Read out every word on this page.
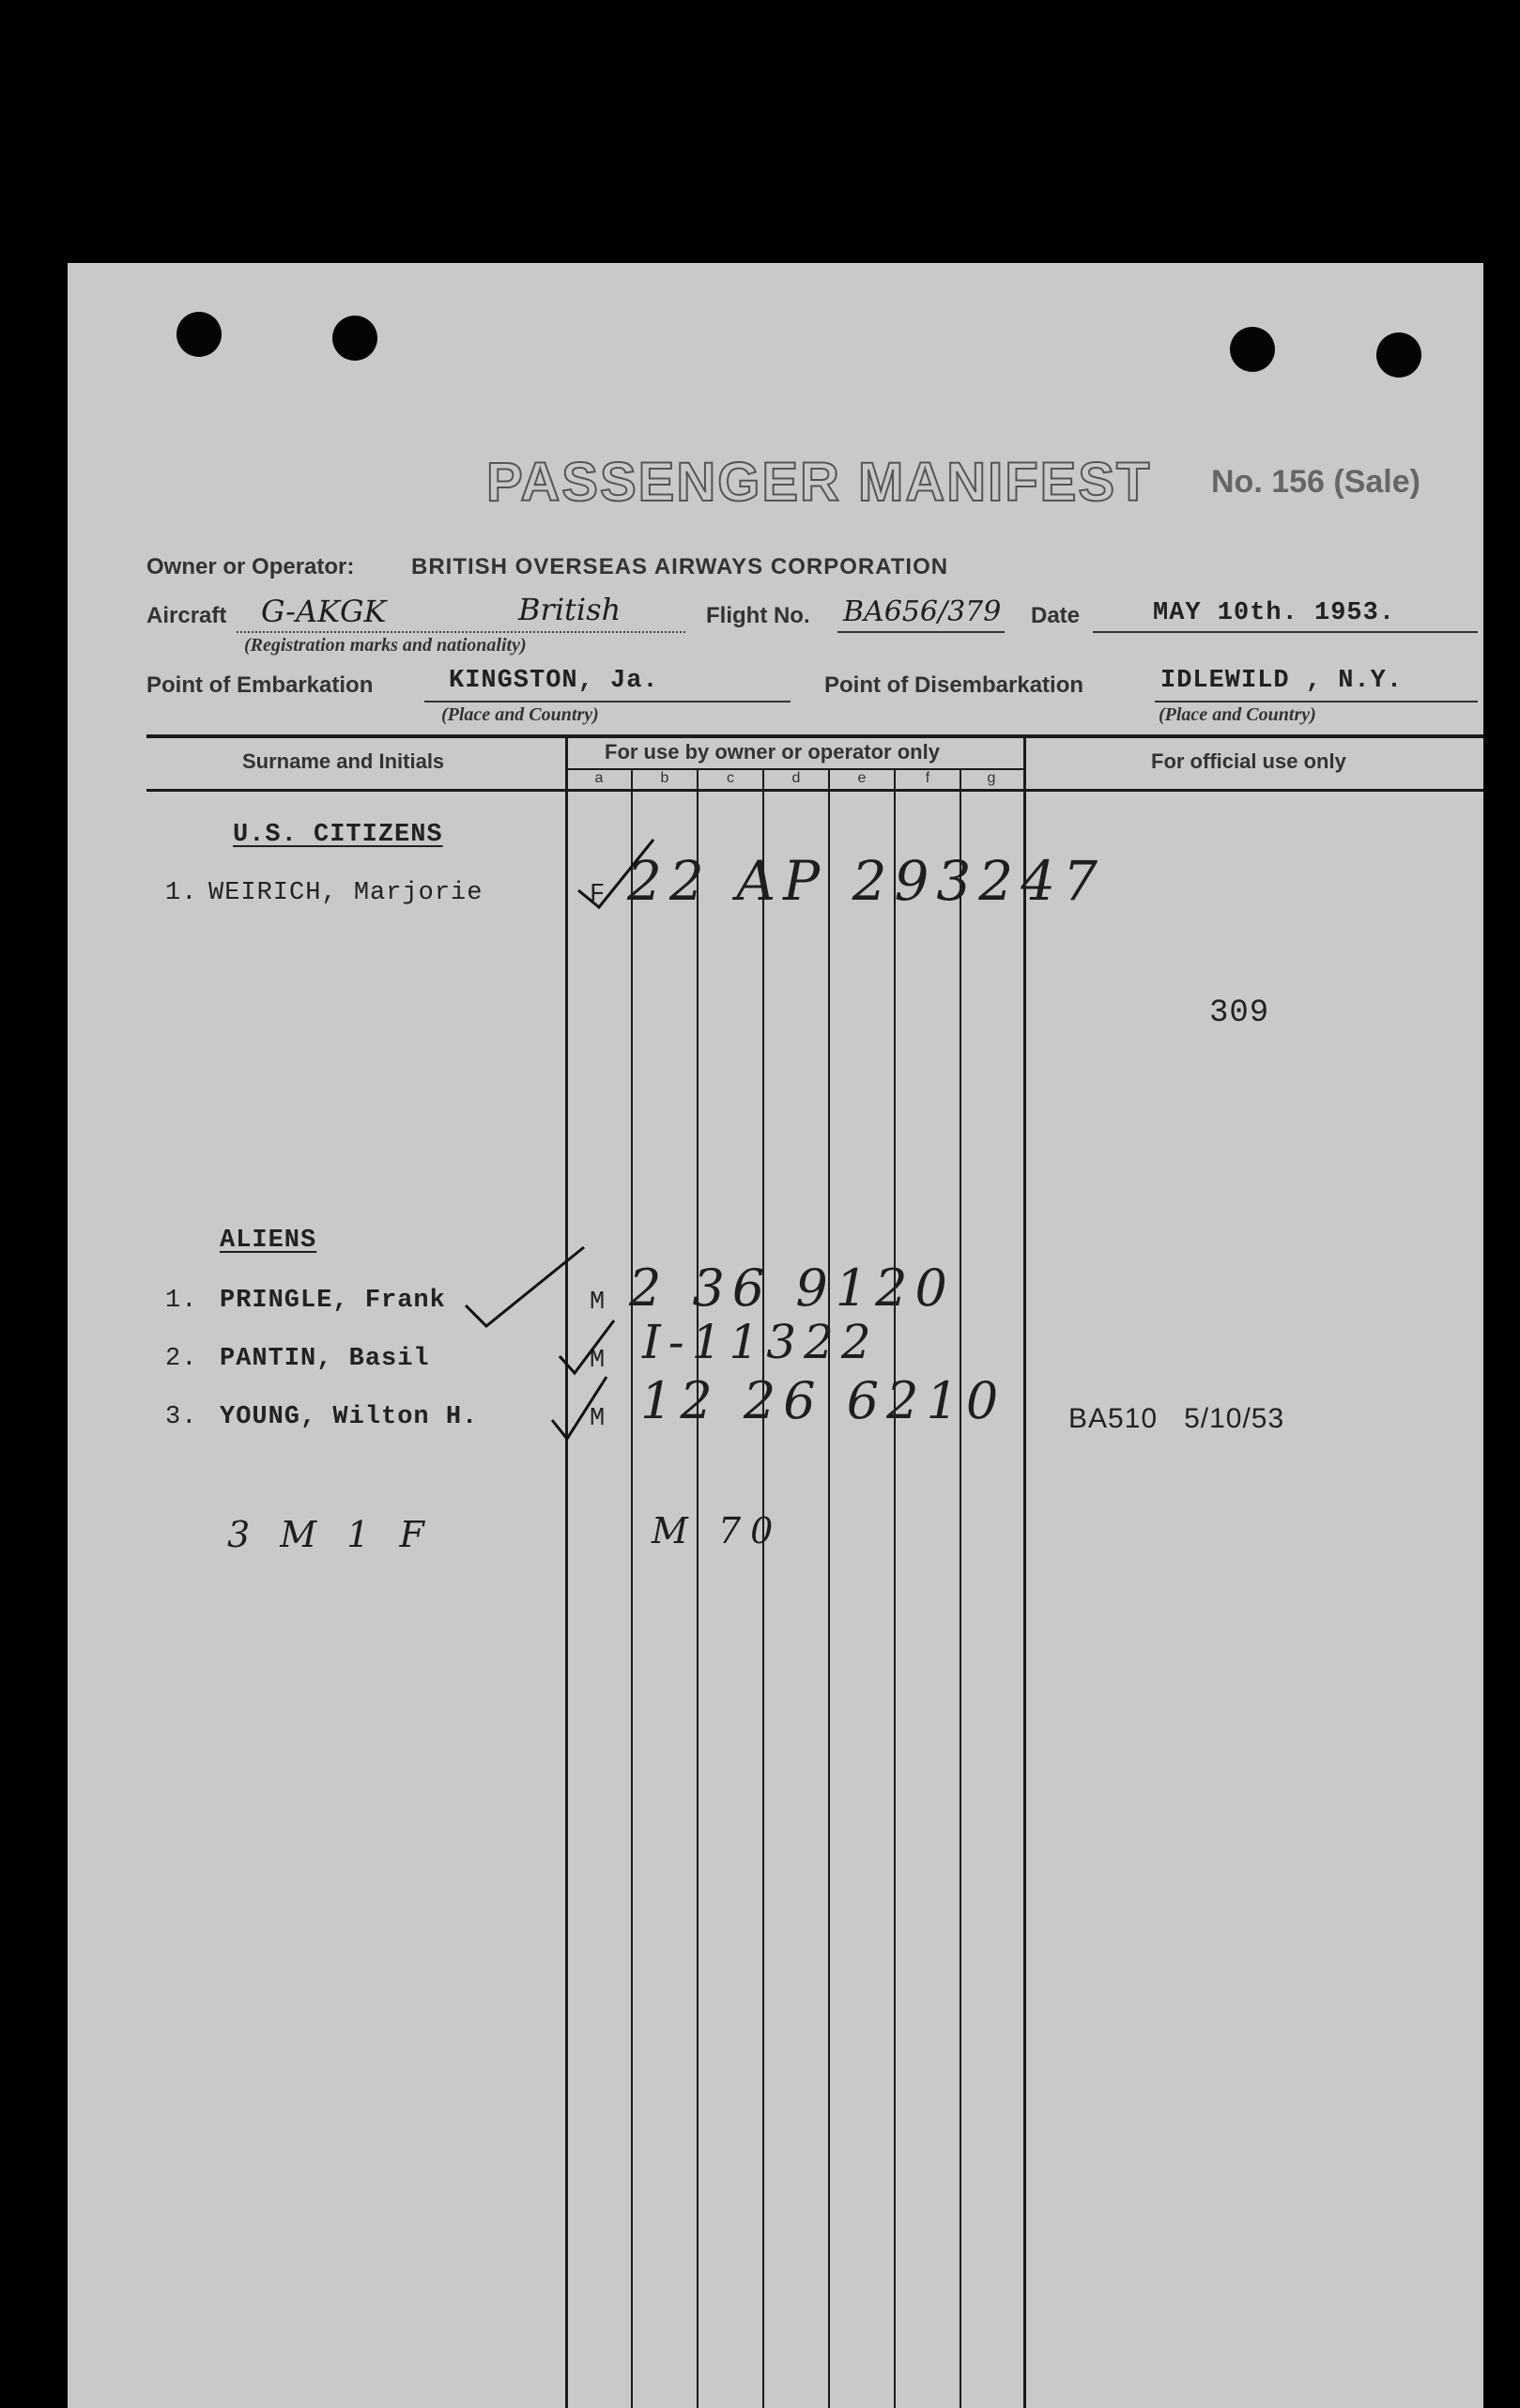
PASSENGER MANIFEST No. 156 (Sale)
Owner or Operator:	BRITISH OVERSEAS AIRWAYS CORPORATION
Aircraft G-AKGK	British
(Registration marks and nationality)
Flight No. BA656/379 Date	MAY 10th. 1953.
Point of Embarkation	KINGSTON, Ja.
(Place and Country)
Point of Disembarkation	IDLEWILD , N.Y.
(Place and Country)
Surname and Initials	For use by owner or operator only	For official use only
a	b	c	d	e	f	g
U.S. CITIZENS
1. WEIRICH, Marjorie	F 22 AP 293247
309
ALIENS
1. PRINGLE, Frank	M 2 36 9120
2. PANTIN, Basil	M I-11322
3. YOUNG, Wilton H.	M 12 26 6210 BA510   5/10/53
3 M 1 F	M 70
